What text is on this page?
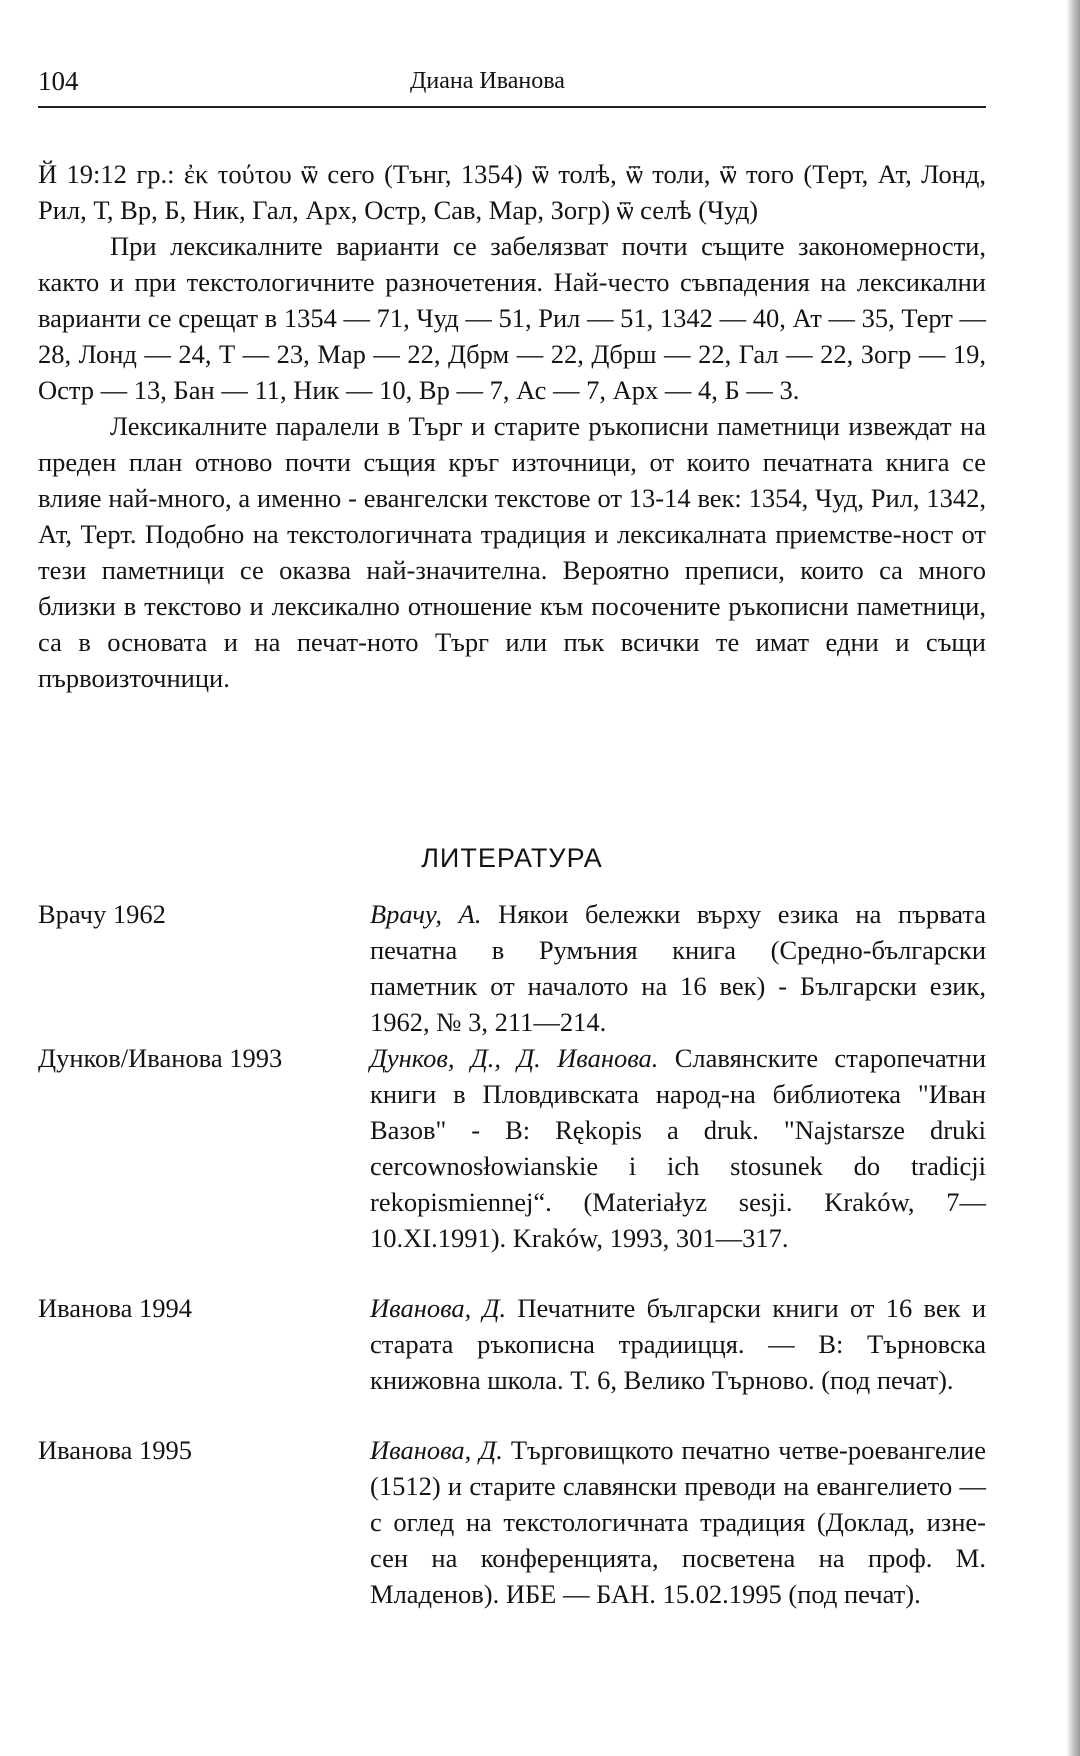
104	Диана Иванова

Й 19:12 гр.: ἐκ τούτου ѿ сего (Тънг, 1354) ѿ толѣ, ѿ толи, ѿ того (Терт, Ат, Лонд, Рил, Т, Вр, Б, Ник, Гал, Арх, Остр, Сав, Мар, Зогр) ѿ селѣ (Чуд)

При лексикалните варианти се забелязват почти същите закономерности, както и при текстологичните разночетения. Най-често съвпадения на лексикални варианти се срещат в 1354 — 71, Чуд — 51, Рил — 51, 1342 — 40, Ат — 35, Терт — 28, Лонд — 24, Т — 23, Мар — 22, Дбрм — 22, Дбрш — 22, Гал — 22, Зогр — 19, Остр — 13, Бан — 11, Ник — 10, Вр — 7, Ас — 7, Арх — 4, Б — 3.

Лексикалните паралели в Търг и старите ръкописни паметници извеждат на преден план отново почти същия кръг източници, от които печатната книга се влияе най-много, а именно - евангелски текстове от 13-14 век: 1354, Чуд, Рил, 1342, Ат, Терт. Подобно на текстологичната традиция и лексикалната приемстве-ност от тези паметници се оказва най-значителна. Вероятно преписи, които са много близки в текстово и лексикално отношение към посочените ръкописни паметници, са в основата и на печат-ното Търг или пък всички те имат едни и същи първоизточници.

ЛИТЕРАТУРА
Врачу 1962	Врачу, А. Някои бележки върху езика на първата печатна в Румъния книга (Средно-български паметник от началото на 16 век) - Български език, 1962, № 3, 211—214.
Дунков/Иванова 1993	Дунков, Д., Д. Иванова. Славянските старопечатни книги в Пловдивската народ-на библиотека "Иван Вазов" - В: Rękopis a druk. "Najstarsze druki cercownosłowianskie i ich stosunek do tradicji rekopismiennej“. (Materiałyz sesji. Kraków, 7—10.XI.1991). Kraków, 1993, 301—317.
Иванова 1994	Иванова, Д. Печатните български книги от 16 век и старата ръкописна традиицця. — В: Търновска книжовна школа. Т. 6, Велико Търново. (под печат).
Иванова 1995	Иванова, Д. Търговищкото печатно четве-роевангелие (1512) и старите славянски преводи на евангелието — с оглед на текстологичната традиция (Доклад, изне-сен на конференцията, посветена на проф. М. Младенов). ИБЕ — БАН. 15.02.1995 (под печат).
